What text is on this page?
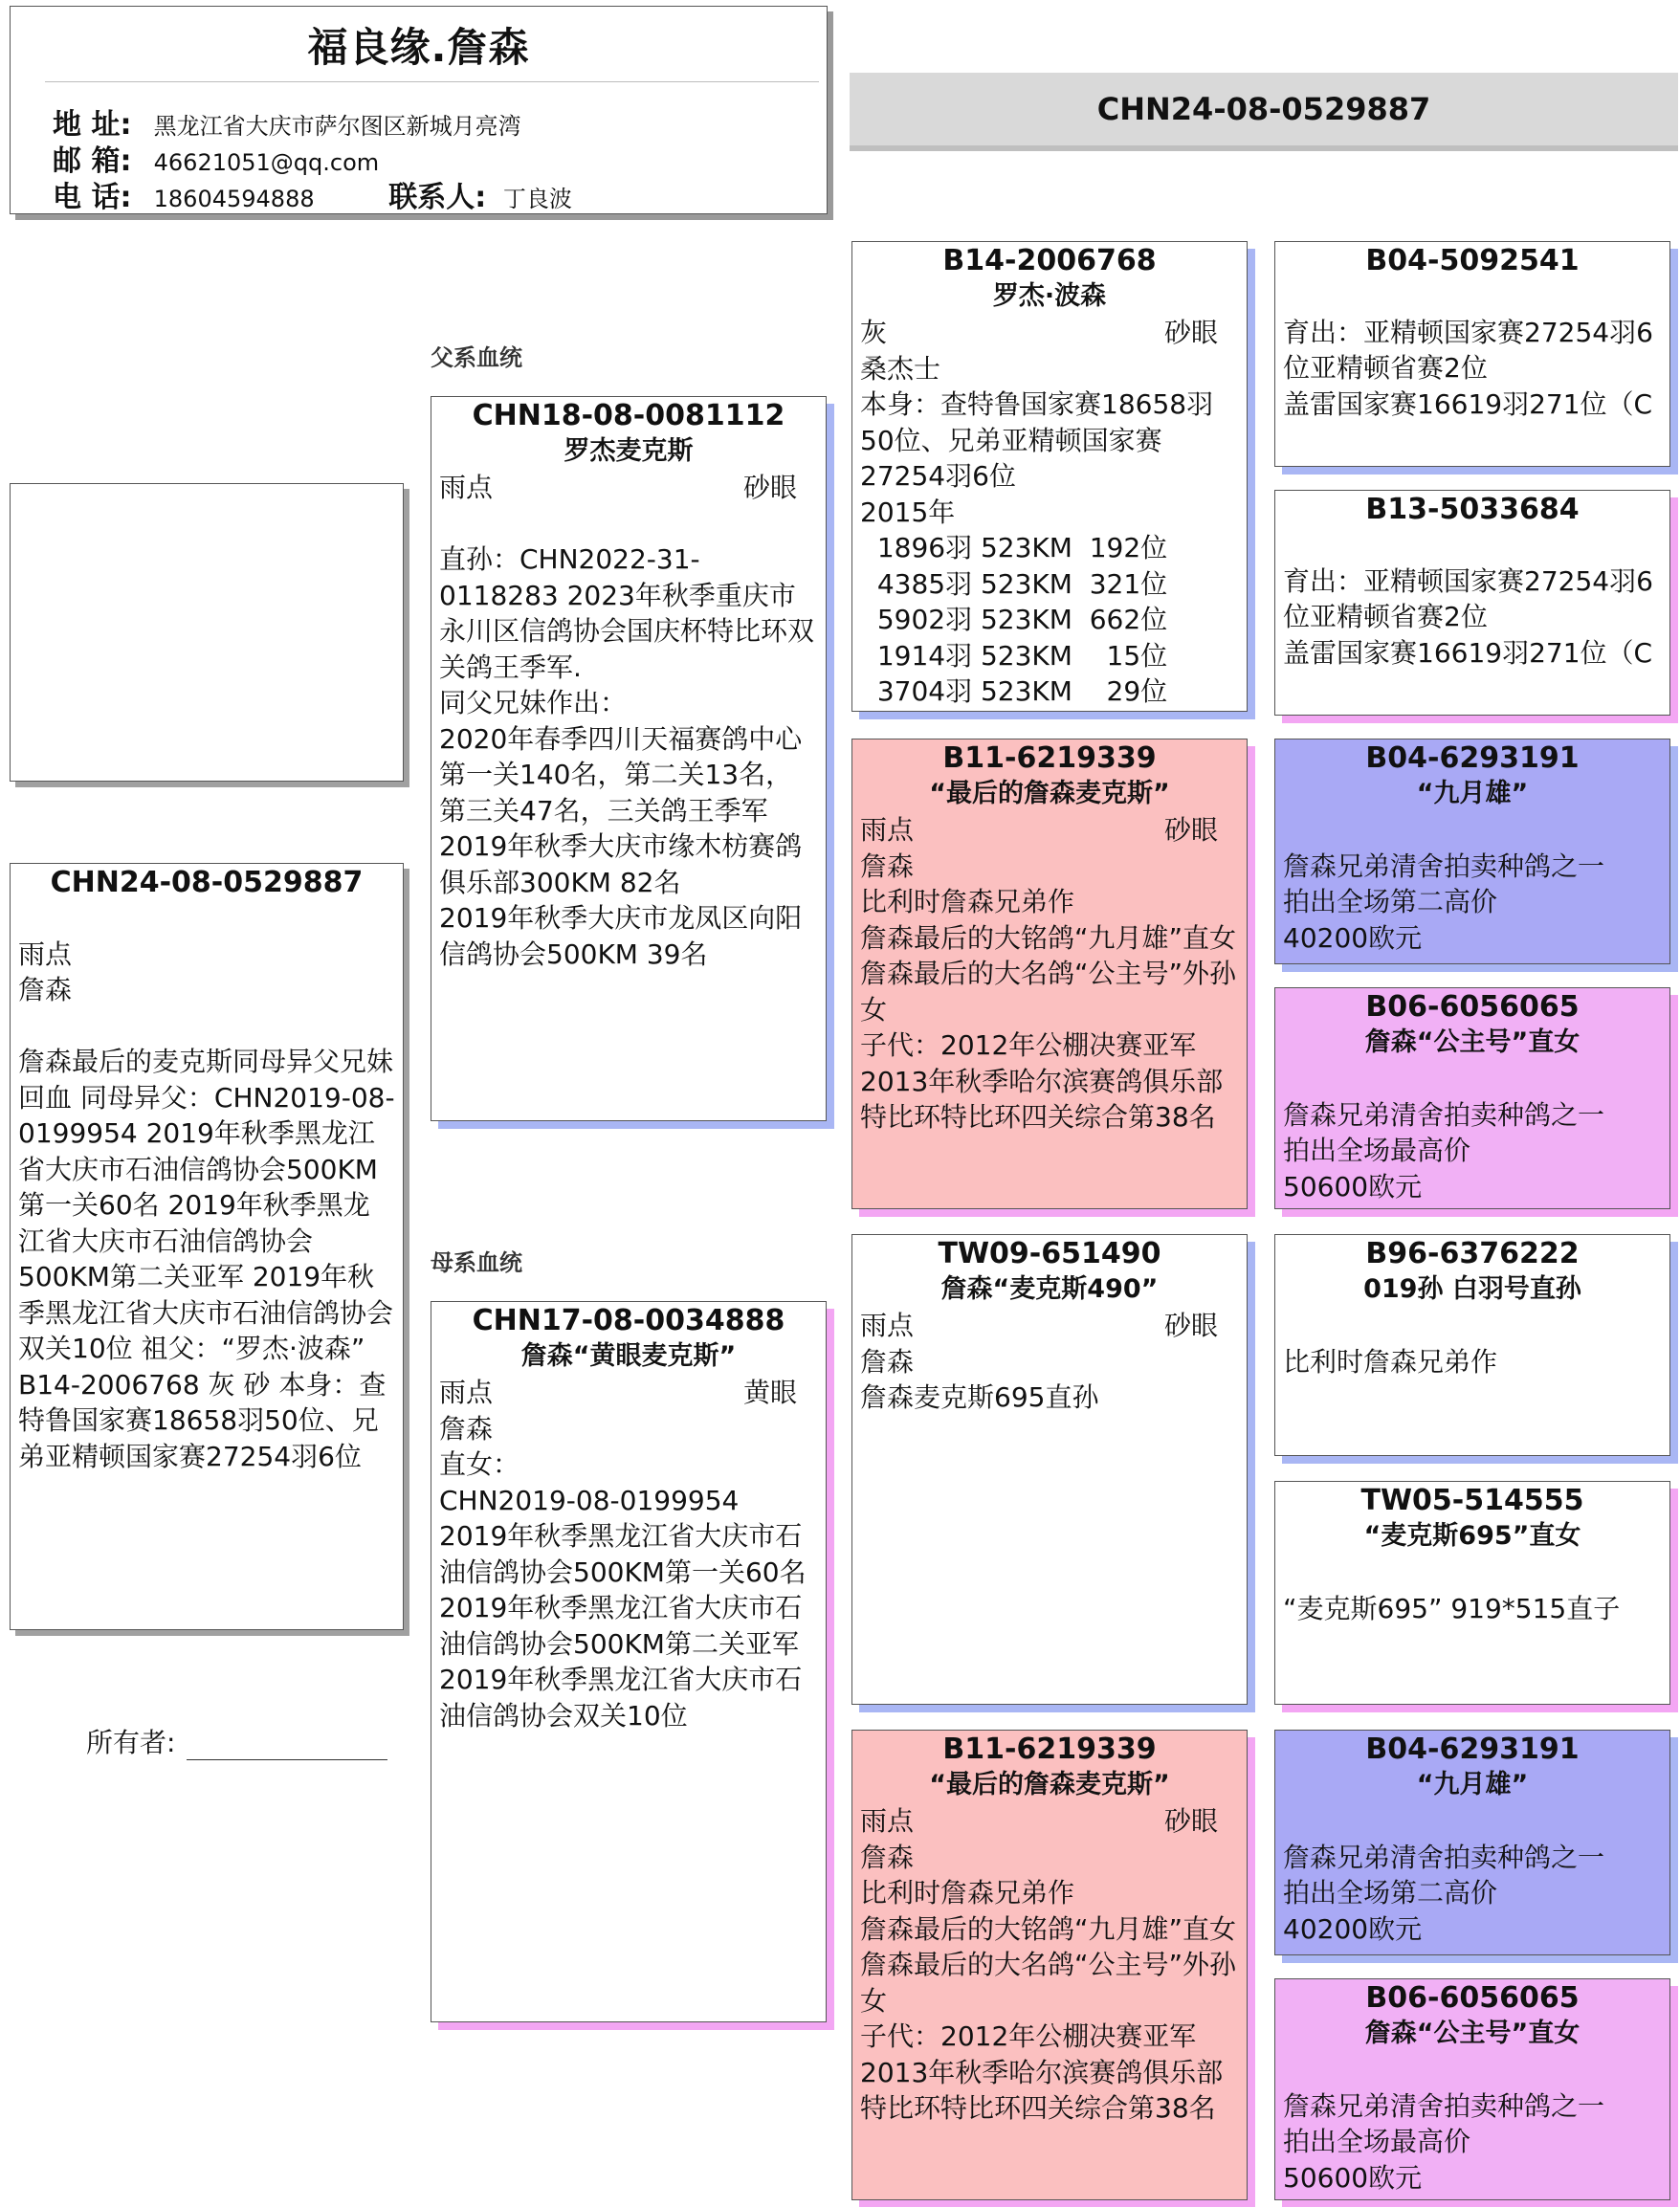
福良缘.詹森
地 址: 黑龙江省大庆市萨尔图区新城月亮湾
邮 箱: 46621051@qq.com
电 话: 18604594888	联系人: 丁良波
CHN24-08-0529887
CHN24-08-0529887

雨点
詹森

詹森最后的麦克斯同母异父兄妹回血 同母异父：CHN2019-08-0199954 2019年秋季黑龙江省大庆市石油信鸽协会500KM第一关60名 2019年秋季黑龙江省大庆市石油信鸽协会500KM第二关亚军 2019年秋季黑龙江省大庆市石油信鸽协会双关10位 祖父：“罗杰·波森” B14-2006768 灰 砂 本身：查特鲁国家赛18658羽50位、兄弟亚精顿国家赛27254羽6位
所有者:
父系血统
母系血统
CHN18-08-0081112
罗杰麦克斯
雨点	砂眼

直孙：CHN2022-31-0118283 2023年秋季重庆市永川区信鸽协会国庆杯特比环双关鸽王季军.
同父兄妹作出：
2020年春季四川天福赛鸽中心第一关140名，第二关13名，第三关47名，三关鸽王季军
2019年秋季大庆市缘木枋赛鸽俱乐部300KM 82名
2019年秋季大庆市龙凤区向阳信鸽协会500KM 39名
CHN17-08-0034888
詹森“黄眼麦克斯”
雨点	黄眼
詹森
直女：
CHN2019-08-0199954
2019年秋季黑龙江省大庆市石油信鸽协会500KM第一关60名
2019年秋季黑龙江省大庆市石油信鸽协会500KM第二关亚军
2019年秋季黑龙江省大庆市石油信鸽协会双关10位
B14-2006768
罗杰·波森
灰	砂眼
桑杰士
本身：查特鲁国家赛18658羽50位、兄弟亚精顿国家赛27254羽6位
2015年
1896羽 523KM  192位
4385羽 523KM  321位
5902羽 523KM  662位
1914羽 523KM    15位
3704羽 523KM    29位
B11-6219339
“最后的詹森麦克斯”
雨点	砂眼
詹森
比利时詹森兄弟作
詹森最后的大铭鸽“九月雄”直女
詹森最后的大名鸽“公主号”外孙女
子代：2012年公棚决赛亚军
2013年秋季哈尔滨赛鸽俱乐部特比环特比环四关综合第38名
TW09-651490
詹森“麦克斯490”
雨点	砂眼
詹森
詹森麦克斯695直孙
B11-6219339
“最后的詹森麦克斯”
雨点	砂眼
詹森
比利时詹森兄弟作
詹森最后的大铭鸽“九月雄”直女
詹森最后的大名鸽“公主号”外孙女
子代：2012年公棚决赛亚军
2013年秋季哈尔滨赛鸽俱乐部特比环特比环四关综合第38名
B04-5092541

育出：亚精顿国家赛27254羽6位亚精顿省赛2位
盖雷国家赛16619羽271位（C
B13-5033684

育出：亚精顿国家赛27254羽6位亚精顿省赛2位
盖雷国家赛16619羽271位（C
B04-6293191
“九月雄”

詹森兄弟清舍拍卖种鸽之一
拍出全场第二高价
40200欧元
B06-6056065
詹森“公主号”直女

詹森兄弟清舍拍卖种鸽之一
拍出全场最高价
50600欧元
B96-6376222
019孙 白羽号直孙

比利时詹森兄弟作
TW05-514555
“麦克斯695”直女

“麦克斯695” 919*515直子
B04-6293191
“九月雄”

詹森兄弟清舍拍卖种鸽之一
拍出全场第二高价
40200欧元
B06-6056065
詹森“公主号”直女

詹森兄弟清舍拍卖种鸽之一
拍出全场最高价
50600欧元
